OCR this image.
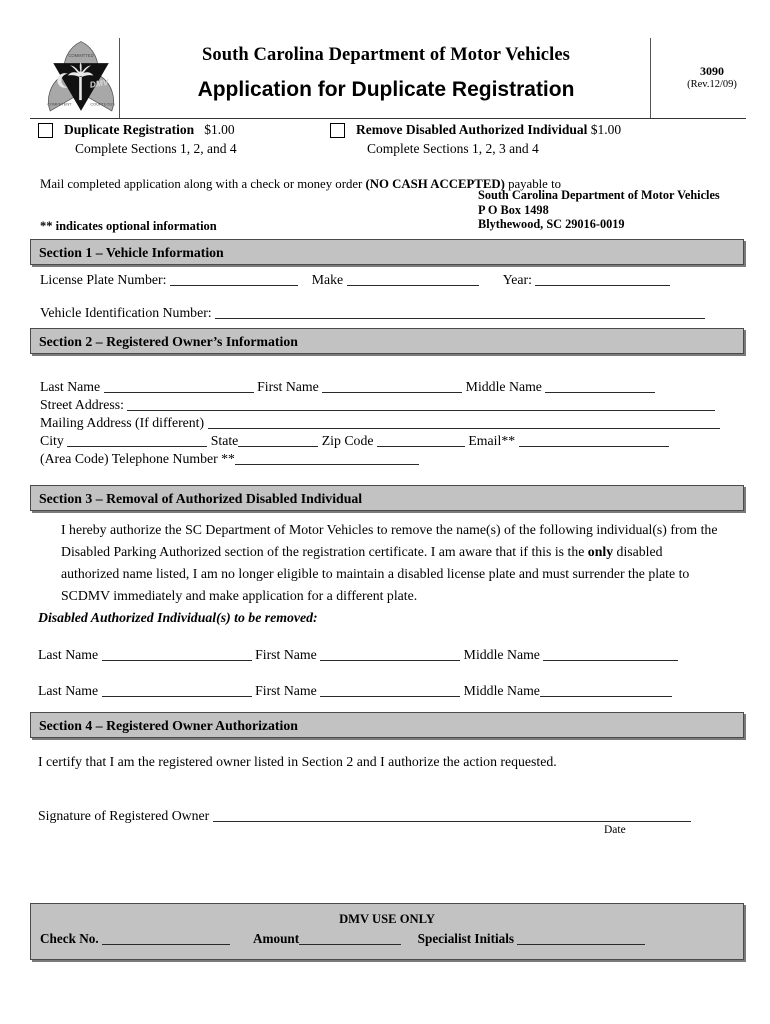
DMV
COMMITTED
COMPETENT	COURTEOUS
South Carolina Department of Motor Vehicles
Application for Duplicate Registration
3090
(Rev.12/09)
Duplicate Registration $1.00
Complete Sections 1, 2, and 4
Remove Disabled Authorized Individual $1.00
Complete Sections 1, 2, 3 and 4
Mail completed application along with a check or money order (NO CASH ACCEPTED) payable to
South Carolina Department of Motor Vehicles
P O Box 1498
Blythewood, SC 29016-0019
** indicates optional information
Section 1 – Vehicle Information
License Plate Number:	Make	Year:
Vehicle Identification Number:
Section 2 – Registered Owner’s Information
Last Name	First Name	Middle Name
Street Address:
Mailing Address (If different)
City	State	Zip Code	Email**
(Area Code) Telephone Number **
Section 3 – Removal of Authorized Disabled Individual
I hereby authorize the SC Department of Motor Vehicles to remove the name(s) of the following individual(s) from the Disabled Parking Authorized section of the registration certificate. I am aware that if this is the only disabled authorized name listed, I am no longer eligible to maintain a disabled license plate and must surrender the plate to SCDMV immediately and make application for a different plate.
Disabled Authorized Individual(s) to be removed:
Last Name	First Name	Middle Name
Last Name	First Name	Middle Name
Section 4 – Registered Owner Authorization
I certify that I am the registered owner listed in Section 2 and I authorize the action requested.
Signature of Registered Owner
Date
DMV USE ONLY
Check No.	Amount	Specialist Initials
